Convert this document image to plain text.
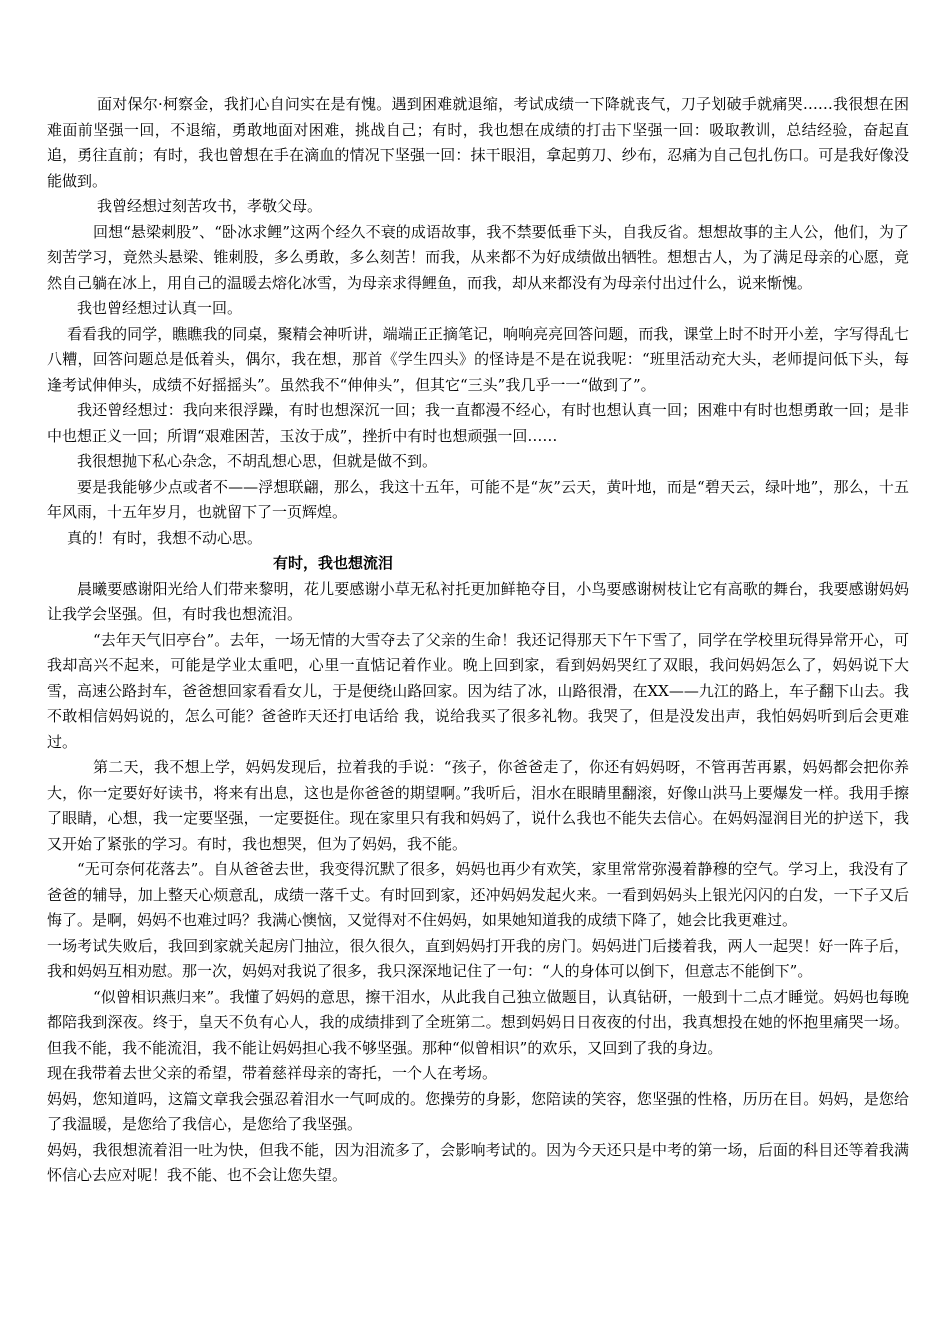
面对保尔·柯察金，我扪心自问实在是有愧。遇到困难就退缩，考试成绩一下降就丧气，刀子划破手就痛哭……我很想在困难面前坚强一回，不退缩，勇敢地面对困难，挑战自己；有时，我也想在成绩的打击下坚强一回：吸取教训，总结经验，奋起直追，勇往直前；有时，我也曾想在手在滴血的情况下坚强一回：抹干眼泪，拿起剪刀、纱布，忍痛为自己包扎伤口。可是我好像没能做到。

我曾经想过刻苦攻书，孝敬父母。

回想“悬梁刺股”、“卧冰求鲤”这两个经久不衰的成语故事，我不禁要低垂下头，自我反省。想想故事的主人公，他们，为了刻苦学习，竟然头悬梁、锥刺股，多么勇敢，多么刻苦！而我，从来都不为好成绩做出牺牲。想想古人，为了满足母亲的心愿，竟然自己躺在冰上，用自己的温暖去熔化冰雪，为母亲求得鲤鱼，而我，却从来都没有为母亲付出过什么，说来惭愧。

我也曾经想过认真一回。

看看我的同学，瞧瞧我的同桌，聚精会神听讲，端端正正摘笔记，响响亮亮回答问题，而我，课堂上时不时开小差，字写得乱七八糟，回答问题总是低着头，偶尔，我在想，那首《学生四头》的怪诗是不是在说我呢：“班里活动充大头，老师提问低下头，每逢考试伸伸头，成绩不好摇摇头”。虽然我不“伸伸头”，但其它“三头”我几乎一一“做到了”。

我还曾经想过：我向来很浮躁，有时也想深沉一回；我一直都漫不经心，有时也想认真一回；困难中有时也想勇敢一回；是非中也想正义一回；所谓“艰难困苦，玉汝于成”，挫折中有时也想顽强一回……

我很想抛下私心杂念，不胡乱想心思，但就是做不到。

要是我能够少点或者不——浮想联翩，那么，我这十五年，可能不是“灰”云天，黄叶地，而是“碧天云，绿叶地”，那么，十五年风雨，十五年岁月，也就留下了一页辉煌。

真的！有时，我想不动心思。

有时，我也想流泪

晨曦要感谢阳光给人们带来黎明，花儿要感谢小草无私衬托更加鲜艳夺目，小鸟要感谢树枝让它有高歌的舞台，我要感谢妈妈让我学会坚强。但，有时我也想流泪。

“去年天气旧亭台”。去年，一场无情的大雪夺去了父亲的生命！我还记得那天下午下雪了，同学在学校里玩得异常开心，可我却高兴不起来，可能是学业太重吧，心里一直惦记着作业。晚上回到家，看到妈妈哭红了双眼，我问妈妈怎么了，妈妈说下大雪，高速公路封车，爸爸想回家看看女儿，于是便绕山路回家。因为结了冰，山路很滑，在XX——九江的路上，车子翻下山去。我不敢相信妈妈说的，怎么可能？爸爸昨天还打电话给 我，说给我买了很多礼物。我哭了，但是没发出声，我怕妈妈听到后会更难过。

第二天，我不想上学，妈妈发现后，拉着我的手说：“孩子，你爸爸走了，你还有妈妈呀，不管再苦再累，妈妈都会把你养大，你一定要好好读书，将来有出息，这也是你爸爸的期望啊。”我听后，泪水在眼睛里翻滚，好像山洪马上要爆发一样。我用手擦了眼睛，心想，我一定要坚强，一定要挺住。现在家里只有我和妈妈了，说什么我也不能失去信心。在妈妈湿润目光的护送下，我又开始了紧张的学习。有时，我也想哭，但为了妈妈，我不能。

“无可奈何花落去”。自从爸爸去世，我变得沉默了很多，妈妈也再少有欢笑，家里常常弥漫着静穆的空气。学习上，我没有了爸爸的辅导，加上整天心烦意乱，成绩一落千丈。有时回到家，还冲妈妈发起火来。一看到妈妈头上银光闪闪的白发，一下子又后悔了。是啊，妈妈不也难过吗？我满心懊恼，又觉得对不住妈妈，如果她知道我的成绩下降了，她会比我更难过。

一场考试失败后，我回到家就关起房门抽泣，很久很久，直到妈妈打开我的房门。妈妈进门后搂着我，两人一起哭！好一阵子后，我和妈妈互相劝慰。那一次，妈妈对我说了很多，我只深深地记住了一句：“人的身体可以倒下，但意志不能倒下”。

“似曾相识燕归来”。我懂了妈妈的意思，擦干泪水，从此我自己独立做题目，认真钻研，一般到十二点才睡觉。妈妈也每晚都陪我到深夜。终于，皇天不负有心人，我的成绩排到了全班第二。想到妈妈日日夜夜的付出，我真想投在她的怀抱里痛哭一场。但我不能，我不能流泪，我不能让妈妈担心我不够坚强。那种“似曾相识”的欢乐，又回到了我的身边。

现在我带着去世父亲的希望，带着慈祥母亲的寄托，一个人在考场。

妈妈，您知道吗，这篇文章我会强忍着泪水一气呵成的。您操劳的身影，您陪读的笑容，您坚强的性格，历历在目。妈妈，是您给了我温暖，是您给了我信心，是您给了我坚强。

妈妈，我很想流着泪一吐为快，但我不能，因为泪流多了，会影响考试的。因为今天还只是中考的第一场，后面的科目还等着我满怀信心去应对呢！我不能、也不会让您失望。
